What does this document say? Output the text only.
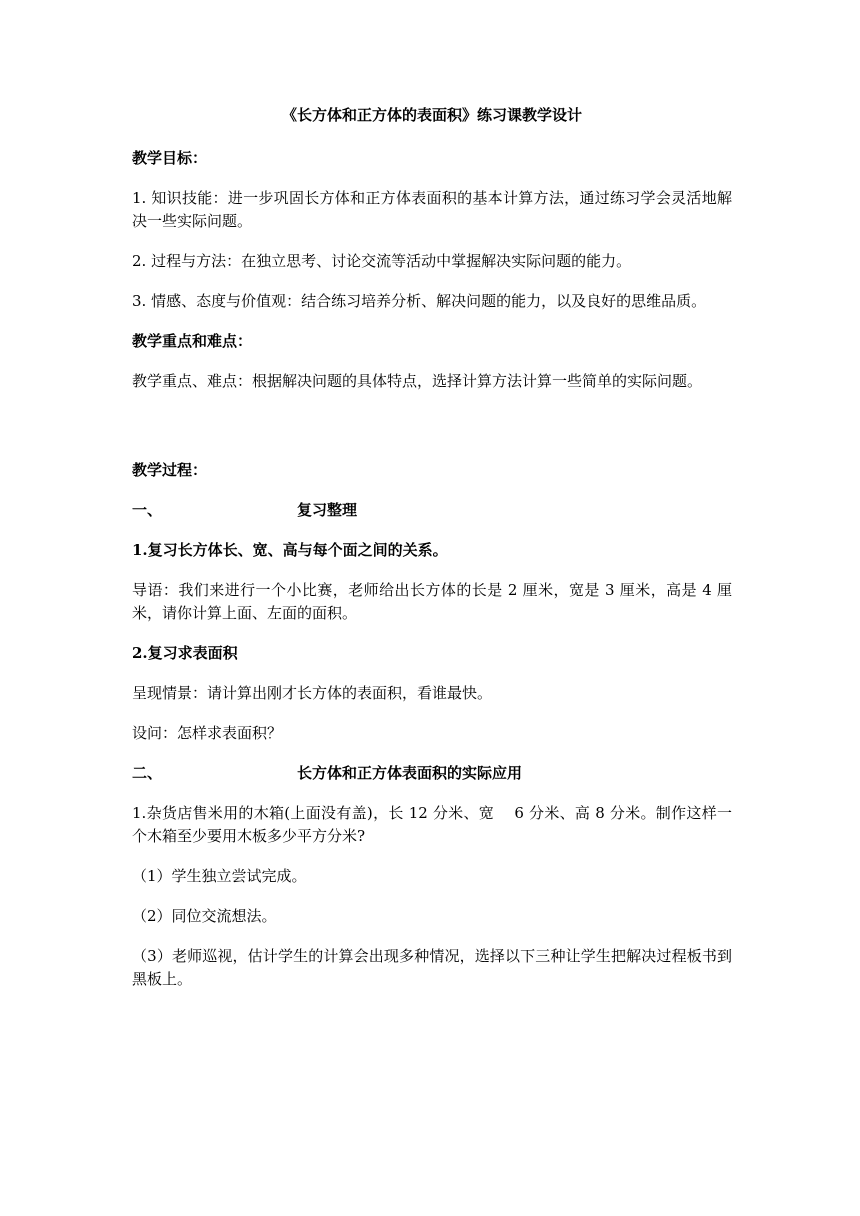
《长方体和正方体的表面积》练习课教学设计

教学目标：

1. 知识技能：进一步巩固长方体和正方体表面积的基本计算方法，通过练习学会灵活地解决一些实际问题。

2. 过程与方法：在独立思考、讨论交流等活动中掌握解决实际问题的能力。

3. 情感、态度与价值观：结合练习培养分析、解决问题的能力，以及良好的思维品质。

教学重点和难点：

教学重点、难点：根据解决问题的具体特点，选择计算方法计算一些简单的实际问题。

教学过程：

一、	复习整理

1.复习长方体长、宽、高与每个面之间的关系。

导语：我们来进行一个小比赛，老师给出长方体的长是 2 厘米，宽是 3 厘米，高是 4 厘米，请你计算上面、左面的面积。

2.复习求表面积

呈现情景：请计算出刚才长方体的表面积，看谁最快。

设问：怎样求表面积？

二、	长方体和正方体表面积的实际应用

1.杂货店售米用的木箱(上面没有盖)，长 12 分米、宽　 6 分米、高 8 分米。制作这样一个木箱至少要用木板多少平方分米?

（1）学生独立尝试完成。

（2）同位交流想法。

（3）老师巡视，估计学生的计算会出现多种情况，选择以下三种让学生把解决过程板书到黑板上。
